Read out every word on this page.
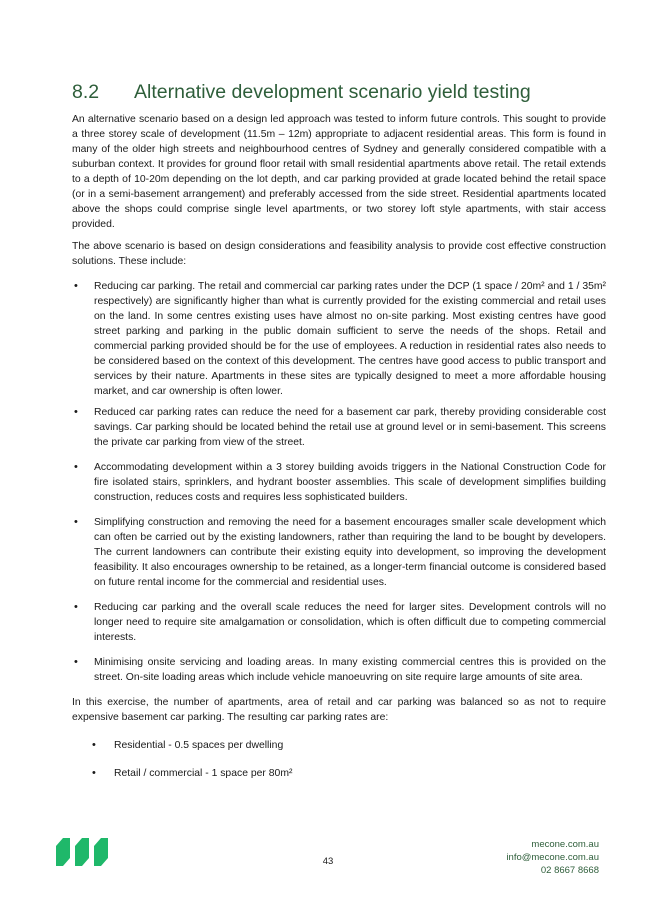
8.2 Alternative development scenario yield testing

An alternative scenario based on a design led approach was tested to inform future controls. This sought to provide a three storey scale of development (11.5m – 12m) appropriate to adjacent residential areas. This form is found in many of the older high streets and neighbourhood centres of Sydney and generally considered compatible with a suburban context. It provides for ground floor retail with small residential apartments above retail. The retail extends to a depth of 10-20m depending on the lot depth, and car parking provided at grade located behind the retail space (or in a semi-basement arrangement) and preferably accessed from the side street. Residential apartments located above the shops could comprise single level apartments, or two storey loft style apartments, with stair access provided.

The above scenario is based on design considerations and feasibility analysis to provide cost effective construction solutions. These include:

• Reducing car parking. The retail and commercial car parking rates under the DCP (1 space / 20m² and 1 / 35m² respectively) are significantly higher than what is currently provided for the existing commercial and retail uses on the land. In some centres existing uses have almost no on-site parking. Most existing centres have good street parking and parking in the public domain sufficient to serve the needs of the shops. Retail and commercial parking provided should be for the use of employees. A reduction in residential rates also needs to be considered based on the context of this development. The centres have good access to public transport and services by their nature. Apartments in these sites are typically designed to meet a more affordable housing market, and car ownership is often lower.

• Reduced car parking rates can reduce the need for a basement car park, thereby providing considerable cost savings. Car parking should be located behind the retail use at ground level or in semi-basement. This screens the private car parking from view of the street.

• Accommodating development within a 3 storey building avoids triggers in the National Construction Code for fire isolated stairs, sprinklers, and hydrant booster assemblies. This scale of development simplifies building construction, reduces costs and requires less sophisticated builders.

• Simplifying construction and removing the need for a basement encourages smaller scale development which can often be carried out by the existing landowners, rather than requiring the land to be bought by developers. The current landowners can contribute their existing equity into development, so improving the development feasibility. It also encourages ownership to be retained, as a longer-term financial outcome is considered based on future rental income for the commercial and residential uses.

• Reducing car parking and the overall scale reduces the need for larger sites. Development controls will no longer need to require site amalgamation or consolidation, which is often difficult due to competing commercial interests.

• Minimising onsite servicing and loading areas. In many existing commercial centres this is provided on the street. On-site loading areas which include vehicle manoeuvring on site require large amounts of site area.

In this exercise, the number of apartments, area of retail and car parking was balanced so as not to require expensive basement car parking. The resulting car parking rates are:

• Residential - 0.5 spaces per dwelling

• Retail / commercial - 1 space per 80m²

43
mecone.com.au
info@mecone.com.au
02 8667 8668
